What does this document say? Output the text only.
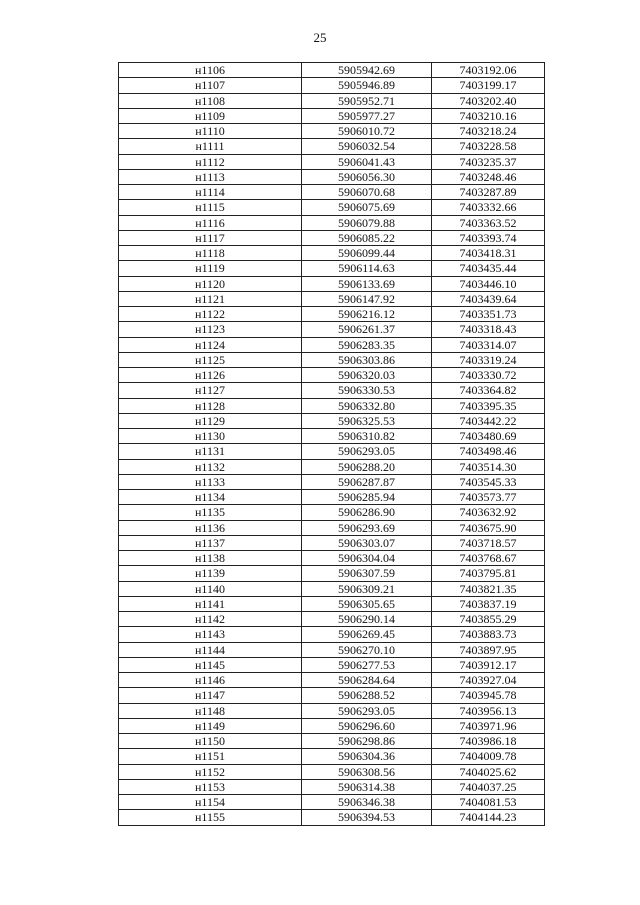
25
н1106	5905942.69	7403192.06
н1107	5905946.89	7403199.17
н1108	5905952.71	7403202.40
н1109	5905977.27	7403210.16
н1110	5906010.72	7403218.24
н1111	5906032.54	7403228.58
н1112	5906041.43	7403235.37
н1113	5906056.30	7403248.46
н1114	5906070.68	7403287.89
н1115	5906075.69	7403332.66
н1116	5906079.88	7403363.52
н1117	5906085.22	7403393.74
н1118	5906099.44	7403418.31
н1119	5906114.63	7403435.44
н1120	5906133.69	7403446.10
н1121	5906147.92	7403439.64
н1122	5906216.12	7403351.73
н1123	5906261.37	7403318.43
н1124	5906283.35	7403314.07
н1125	5906303.86	7403319.24
н1126	5906320.03	7403330.72
н1127	5906330.53	7403364.82
н1128	5906332.80	7403395.35
н1129	5906325.53	7403442.22
н1130	5906310.82	7403480.69
н1131	5906293.05	7403498.46
н1132	5906288.20	7403514.30
н1133	5906287.87	7403545.33
н1134	5906285.94	7403573.77
н1135	5906286.90	7403632.92
н1136	5906293.69	7403675.90
н1137	5906303.07	7403718.57
н1138	5906304.04	7403768.67
н1139	5906307.59	7403795.81
н1140	5906309.21	7403821.35
н1141	5906305.65	7403837.19
н1142	5906290.14	7403855.29
н1143	5906269.45	7403883.73
н1144	5906270.10	7403897.95
н1145	5906277.53	7403912.17
н1146	5906284.64	7403927.04
н1147	5906288.52	7403945.78
н1148	5906293.05	7403956.13
н1149	5906296.60	7403971.96
н1150	5906298.86	7403986.18
н1151	5906304.36	7404009.78
н1152	5906308.56	7404025.62
н1153	5906314.38	7404037.25
н1154	5906346.38	7404081.53
н1155	5906394.53	7404144.23
